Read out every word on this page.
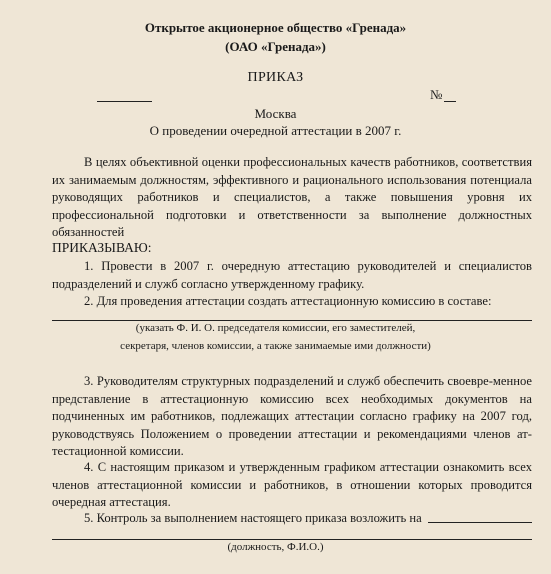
Открытое акционерное общество «Гренада»
(ОАО «Гренада»)
ПРИКАЗ
№
Москва
О проведении очередной аттестации в 2007 г.
В целях объективной оценки профессиональных качеств работников, соответствия их занимаемым должностям, эффективного и рационального использования потенциала руководящих работников и специалистов, а также повышения уровня их профессиональной подготовки и ответственности за выполнение должностных обязанностей
ПРИКАЗЫВАЮ:
1. Провести в 2007 г. очередную аттестацию руководителей и специалистов подразделений и служб согласно утвержденному графику.
2. Для проведения аттестации создать аттестационную комиссию в составе:
(указать Ф. И. О. председателя комиссии, его заместителей,
секретаря, членов комиссии, а также занимаемые ими должности)
3. Руководителям структурных подразделений и служб обеспечить своевре-менное представление в аттестационную комиссию всех необходимых документов на подчиненных им работников, подлежащих аттестации согласно графику на 2007 год, руководствуясь Положением о проведении аттестации и рекомендациями членов ат-тестационной комиссии.
4. С настоящим приказом и утвержденным графиком аттестации ознакомить всех членов аттестационной комиссии и работников, в отношении которых проводится очередная аттестация.
5. Контроль за выполнением настоящего приказа возложить на
(должность, Ф.И.О.)
